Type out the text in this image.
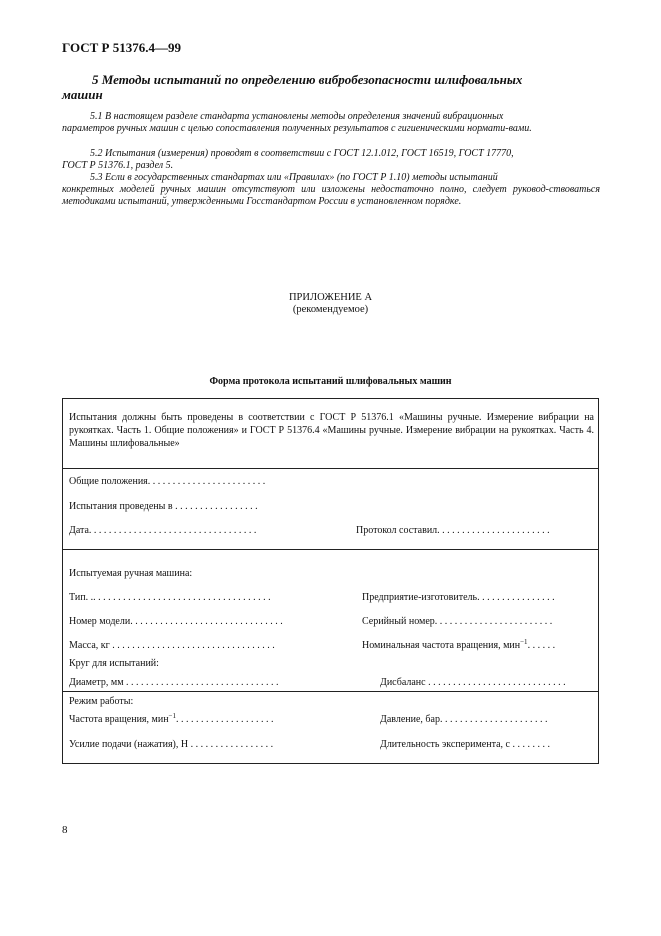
ГОСТ Р 51376.4—99
5 Методы испытаний по определению вибробезопасности шлифовальных
машин
5.1 В настоящем разделе стандарта установлены методы определения значений вибрационных
параметров ручных машин с целью сопоставления полученных результатов с гигиеническими нормати-вами.
5.2 Испытания (измерения) проводят в соответствии с ГОСТ 12.1.012, ГОСТ 16519, ГОСТ 17770,
ГОСТ Р 51376.1, раздел 5.
5.3 Если в государственных стандартах или «Правилах» (по ГОСТ Р 1.10) методы испытаний
конкретных моделей ручных машин отсутствуют или изложены недостаточно полно, следует руковод-ствоваться методиками испытаний, утвержденными Госстандартом России в установленном порядке.
ПРИЛОЖЕНИЕ А
(рекомендуемое)
Форма протокола испытаний шлифовальных машин
Испытания должны быть проведены в соответствии с ГОСТ Р 51376.1 «Машины ручные. Измерение вибрации на рукоятках. Часть 1. Общие положения» и ГОСТ Р 51376.4 «Машины ручные. Измерение вибрации на рукоятках. Часть 4. Машины шлифовальные»
Общие положения. . . . . . . . . . . . . . . . . . . . . . . .
Испытания проведены в . . . . . . . . . . . . . . . . .
Дата. . . . . . . . . . . . . . . . . . . . . . . . . . . . . . . . . .	Протокол составил. . . . . . . . . . . . . . . . . . . . . . .
Испытуемая ручная машина:
Тип. .. . . . . . . . . . . . . . . . . . . . . . . . . . . . . . . . . . . .	Предприятие-изготовитель. . . . . . . . . . . . . . . .
Номер модели. . . . . . . . . . . . . . . . . . . . . . . . . . . . . . .	Серийный номер. . . . . . . . . . . . . . . . . . . . . . . .
Масса, кг . . . . . . . . . . . . . . . . . . . . . . . . . . . . . . . . .	Номинальная частота вращения, мин$^{-1}$. . . . . .
Круг для испытаний:
Диаметр, мм . . . . . . . . . . . . . . . . . . . . . . . . . . . . . . .	Дисбаланс . . . . . . . . . . . . . . . . . . . . . . . . . . . .
Режим работы:
Частота вращения, мин$^{-1}$. . . . . . . . . . . . . . . . . . . .	Давление, бар. . . . . . . . . . . . . . . . . . . . . .
Усилие подачи (нажатия), Н . . . . . . . . . . . . . . . . .	Длительность эксперимента, с . . . . . . . .
8
